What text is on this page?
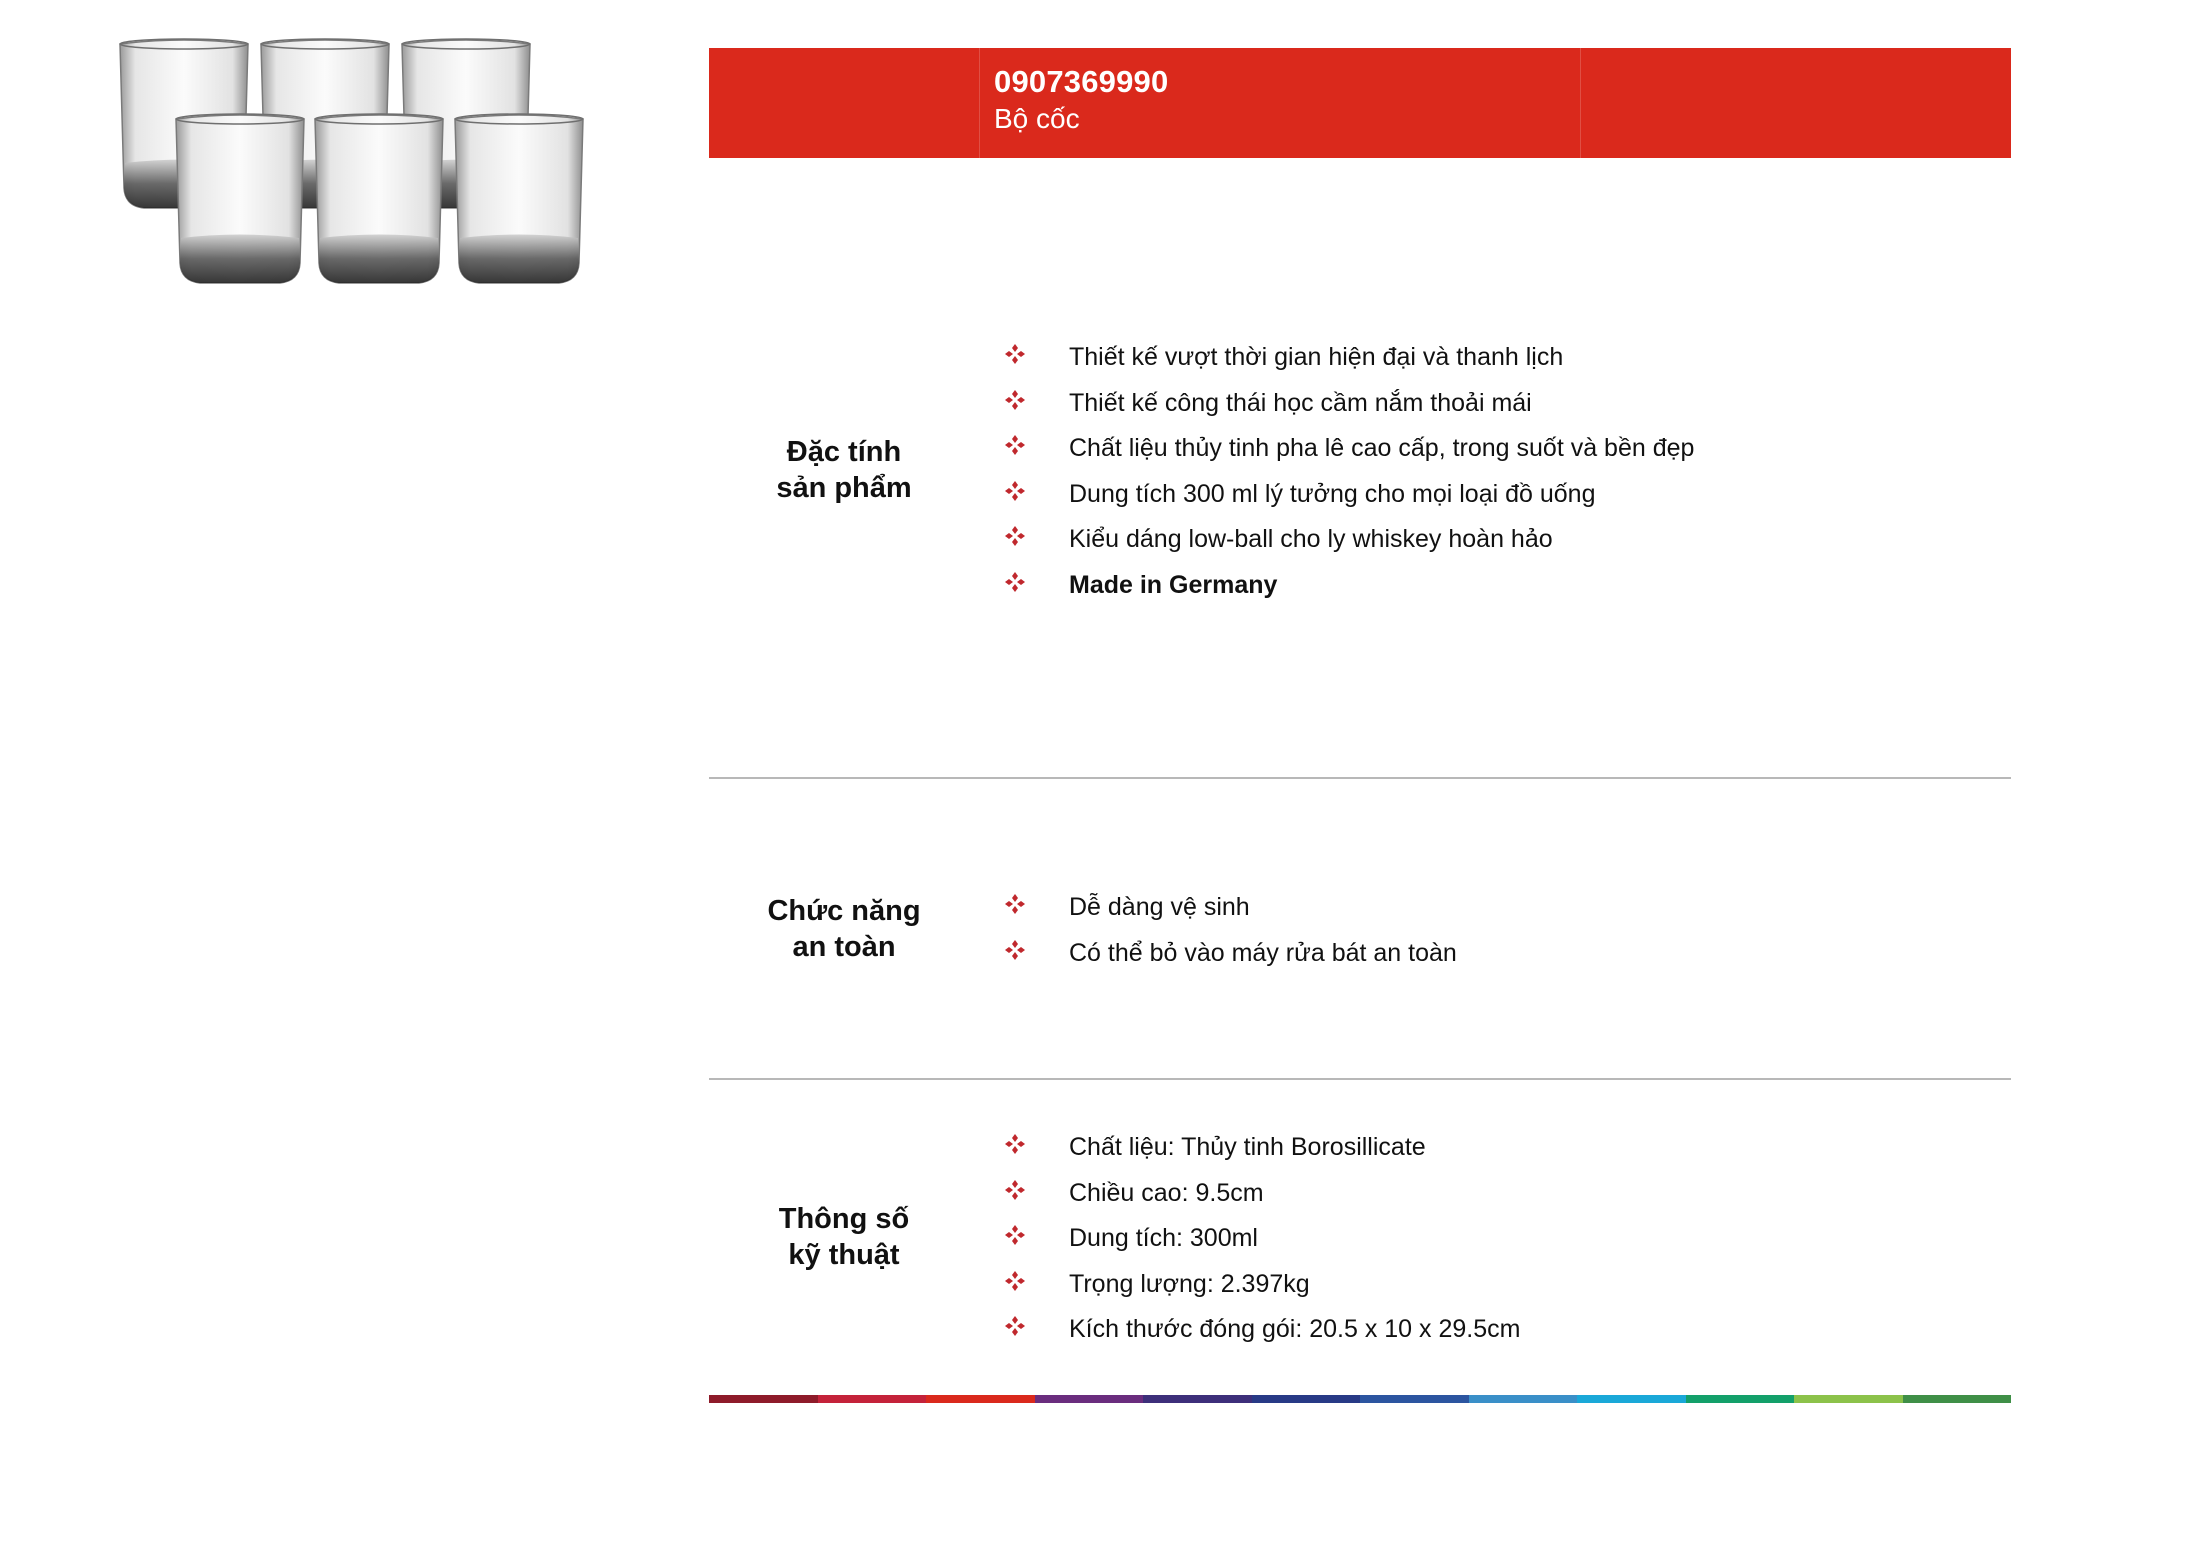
0907369990
Bộ cốc
Đặc tính
sản phẩm
Thiết kế vượt thời gian hiện đại và thanh lịch
Thiết kế công thái học cầm nắm thoải mái
Chất liệu thủy tinh pha lê cao cấp, trong suốt và bền đẹp
Dung tích 300 ml lý tưởng cho mọi loại đồ uống
Kiểu dáng low-ball cho ly whiskey hoàn hảo
Made in Germany
Chức năng
an toàn
Dễ dàng vệ sinh
Có thể bỏ vào máy rửa bát an toàn
Thông số
kỹ thuật
Chất liệu: Thủy tinh Borosillicate
Chiều cao: 9.5cm
Dung tích: 300ml
Trọng lượng: 2.397kg
Kích thước đóng gói: 20.5 x 10 x 29.5cm
